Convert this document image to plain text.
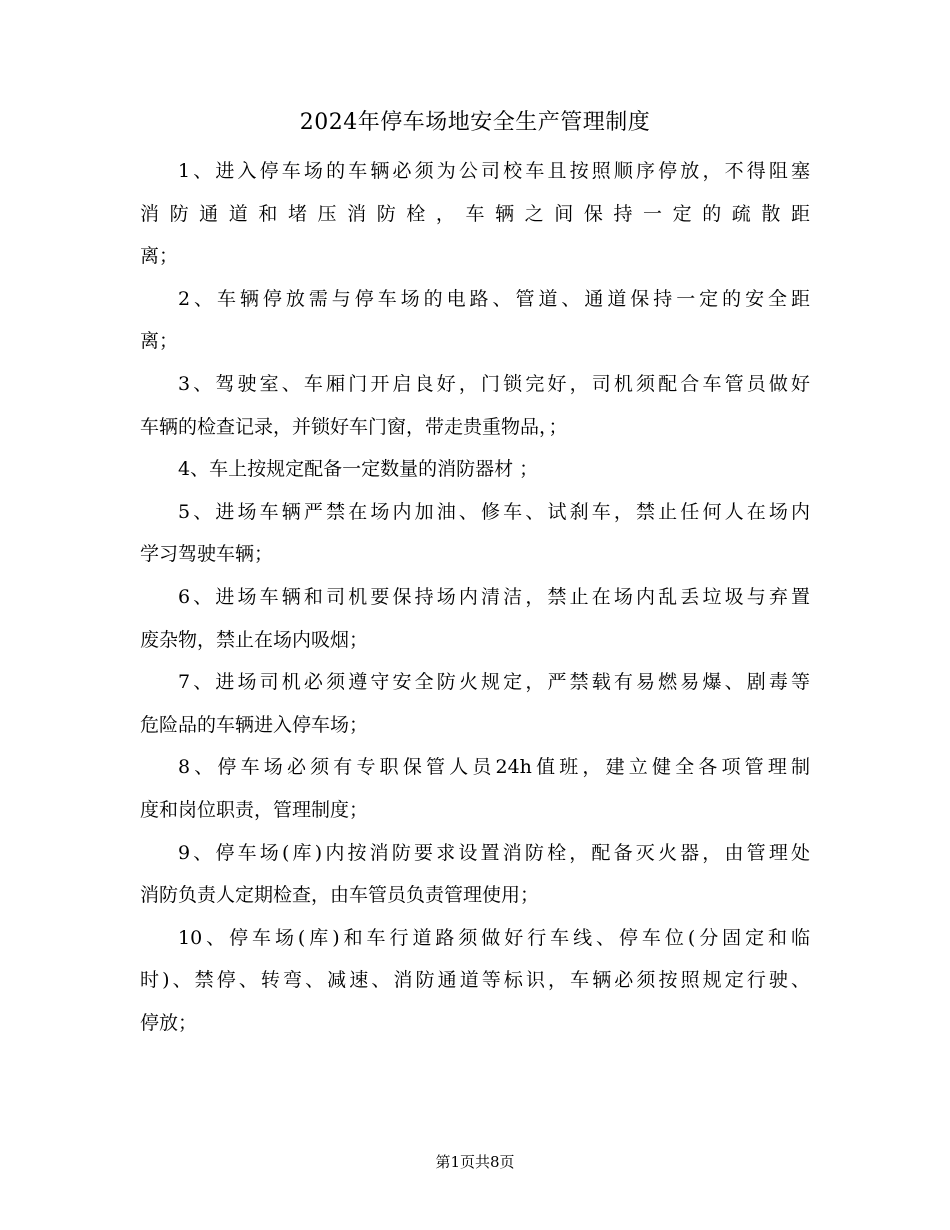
2024年停车场地安全生产管理制度

1、进入停车场的车辆必须为公司校车且按照顺序停放，不得阻塞
消防通道和堵压消防栓，车辆之间保持一定的疏散距
离；

2、车辆停放需与停车场的电路、管道、通道保持一定的安全距
离；

3、驾驶室、车厢门开启良好，门锁完好，司机须配合车管员做好
车辆的检查记录，并锁好车门窗，带走贵重物品，；

4、车上按规定配备一定数量的消防器材 ；

5、进场车辆严禁在场内加油、修车、试刹车，禁止任何人在场内
学习驾驶车辆；

6、进场车辆和司机要保持场内清洁，禁止在场内乱丢垃圾与弃置
废杂物，禁止在场内吸烟；

7、进场司机必须遵守安全防火规定，严禁载有易燃易爆、剧毒等
危险品的车辆进入停车场；

8、停车场必须有专职保管人员24h值班，建立健全各项管理制
度和岗位职责，管理制度；

9、停车场(库)内按消防要求设置消防栓，配备灭火器，由管理处
消防负责人定期检查，由车管员负责管理使用；

10、停车场(库)和车行道路须做好行车线、停车位(分固定和临
时)、禁停、转弯、减速、消防通道等标识，车辆必须按照规定行驶、
停放；

第1页共8页
